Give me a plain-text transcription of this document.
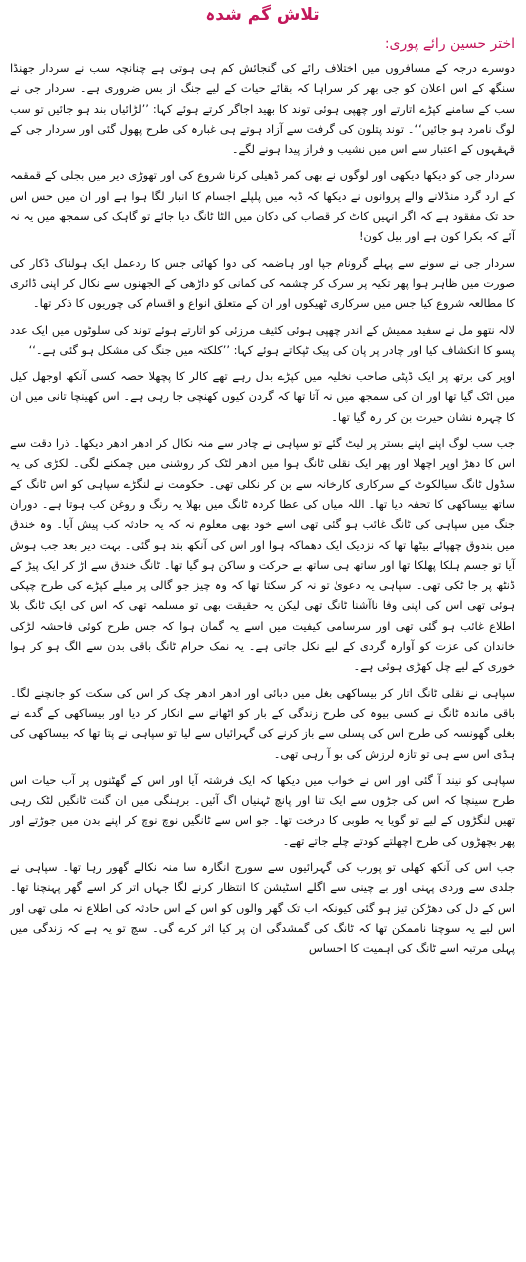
تلاش گم شدہ

اختر حسین رائے پوری:

دوسرے درجہ کے مسافروں میں اختلاف رائے کی گنجائش کم ہی ہوتی ہے چنانچہ سب نے سردار جھنڈا سنگھ کے اس اعلان کو جی بھر کر سراہا کہ بقائے حیات کے لیے جنگ از بس ضروری ہے۔ سردار جی نے سب کے سامنے کپڑے اتارتے اور چھپی ہوئی توند کا بھید اجاگر کرتے ہوئے کہا: ’’لڑائیاں بند ہو جائیں تو سب لوگ نامرد ہو جائیں‘‘۔ توند پتلون کی گرفت سے آزاد ہوتے ہی غبارہ کی طرح پھول گئی اور سردار جی کے قہقہوں کے اعتبار سے اس میں نشیب و فراز پیدا ہونے لگے۔

سردار جی کو دیکھا دیکھی اور لوگوں نے بھی کمر ڈھیلی کرنا شروع کی اور تھوڑی دیر میں بجلی کے قمقمہ کے ارد گرد منڈلانے والے پروانوں نے دیکھا کہ ڈبہ میں پلپلے اجسام کا انبار لگا ہوا ہے اور ان میں حس اس حد تک مفقود ہے کہ اگر انہیں کاٹ کر قصاب کی دکان میں الٹا ٹانگ دیا جائے تو گاہک کی سمجھ میں یہ نہ آئے کہ بکرا کون ہے اور بیل کون!

سردار جی نے سونے سے پہلے گرونام جپا اور ہاضمہ کی دوا کھائی جس کا ردعمل ایک ہولناک ڈکار کی صورت میں ظاہر ہوا پھر تکیہ پر سرک کر چشمہ کی کمانی کو داڑھی کے الجھنوں سے نکال کر اپنی ڈائری کا مطالعہ شروع کیا جس میں سرکاری ٹھیکوں اور ان کے متعلق انواع و اقسام کی چوریوں کا ذکر تھا۔

لالہ نتھو مل نے سفید ممیش کے اندر چھپی ہوئی کثیف مرزئی کو اتارتے ہوئے توند کی سلوٹوں میں ایک عدد پسو کا انکشاف کیا اور چادر پر پان کی پیک ٹپکاتے ہوئے کہا: ’’کلکتہ میں جنگ کی مشکل ہو گئی ہے۔‘‘

اوپر کی برتھ پر ایک ڈپٹی صاحب نخلیہ میں کپڑے بدل رہے تھے کالر کا پچھلا حصہ کسی آنکھ اوجھل کیل میں اٹک گیا تھا اور ان کی سمجھ میں نہ آتا تھا کہ گردن کیوں کھنچی جا رہی ہے۔ اس کھینچا تانی میں ان کا چہرہ نشان حیرت بن کر رہ گیا تھا۔

جب سب لوگ اپنے اپنے بستر پر لیٹ گئے تو سپاہی نے چادر سے منہ نکال کر ادھر ادھر دیکھا۔ ذرا دقت سے اس کا دھڑ اوپر اچھلا اور پھر ایک نقلی ٹانگ ہوا میں ادھر لٹک کر روشنی میں چمکنے لگی۔ لکڑی کی یہ سڈول ٹانگ سیالکوٹ کے سرکاری کارخانہ سے بن کر نکلی تھی۔ حکومت نے لنگڑے سپاہی کو اس ٹانگ کے ساتھ بیساکھی کا تحفہ دیا تھا۔ اللہ میاں کی عطا کردہ ٹانگ میں بھلا یہ رنگ و روغن کب ہوتا ہے۔ دوران جنگ میں سپاہی کی ٹانگ غائب ہو گئی تھی اسے خود بھی معلوم نہ کہ یہ حادثہ کب پیش آیا۔ وہ خندق میں بندوق چھپائے بیٹھا تھا کہ نزدیک ایک دھماکہ ہوا اور اس کی آنکھ بند ہو گئی۔ بہت دیر بعد جب ہوش آیا تو جسم ہلکا پھلکا تھا اور ساتھ ہی ساتھ بے حرکت و ساکن ہو گیا تھا۔ ٹانگ خندق سے اڑ کر ایک پیڑ کے ڈنٹھ پر جا ٹکی تھی۔ سپاہی یہ دعویٰ تو نہ کر سکتا تھا کہ وہ چیز جو گالی پر میلے کپڑے کی طرح چپکی ہوئی تھی اس کی اپنی وفا ناآشنا ٹانگ تھی لیکن یہ حقیقت بھی تو مسلمہ تھی کہ اس کی ایک ٹانگ بلا اطلاع غائب ہو گئی تھی اور سرسامی کیفیت میں اسے یہ گمان ہوا کہ جس طرح کوئی فاحشہ لڑکی خاندان کی عزت کو آوارہ گردی کے لیے نکل جاتی ہے۔ یہ نمک حرام ٹانگ باقی بدن سے الگ ہو کر ہوا خوری کے لیے چل کھڑی ہوئی ہے۔

سپاہی نے نقلی ٹانگ اتار کر بیساکھی بغل میں دبائی اور ادھر ادھر چک کر اس کی سکت کو جانچنے لگا۔ باقی ماندہ ٹانگ نے کسی بیوہ کی طرح زندگی کے بار کو اٹھانے سے انکار کر دیا اور بیساکھی کے گدے نے بغلی گھونسہ کی طرح اس کی پسلی سے باز کرنے کی گہرائیاں سے لیا تو سپاہی نے پتا تھا کہ بیساکھی کی ہڈی اس سے ہی تو تازہ لرزش کی بو آ رہی تھی۔

سپاہی کو نیند آ گئی اور اس نے خواب میں دیکھا کہ ایک فرشتہ آیا اور اس کے گھٹنوں پر آب حیات اس طرح سینچا کہ اس کی جڑوں سے ایک تنا اور پانچ ٹہنیاں اگ آئیں۔ برہنگی میں ان گنت ٹانگیں لٹک رہی تھیں لنگڑوں کے لیے تو گویا یہ طوبی کا درخت تھا۔ جو اس سے ٹانگیں نوچ نوچ کر اپنے بدن میں جوڑتے اور پھر بچھڑوں کی طرح اچھلتے کودتے چلے جاتے تھے۔

جب اس کی آنکھ کھلی تو پورب کی گہرائیوں سے سورج انگارہ سا منہ نکالے گھور رہا تھا۔ سپاہی نے جلدی سے وردی پہنی اور بے چینی سے اگلے اسٹیشن کا انتظار کرنے لگا جہاں اتر کر اسے گھر پہنچنا تھا۔ اس کے دل کی دھڑکن تیز ہو گئی کیونکہ اب تک گھر والوں کو اس کے اس حادثہ کی اطلاع نہ ملی تھی اور اس لیے یہ سوچنا ناممکن تھا کہ ٹانگ کی گمشدگی ان پر کیا اثر کرے گی۔ سچ تو یہ ہے کہ زندگی میں پہلی مرتبہ اسے ٹانگ کی اہمیت کا احساس
